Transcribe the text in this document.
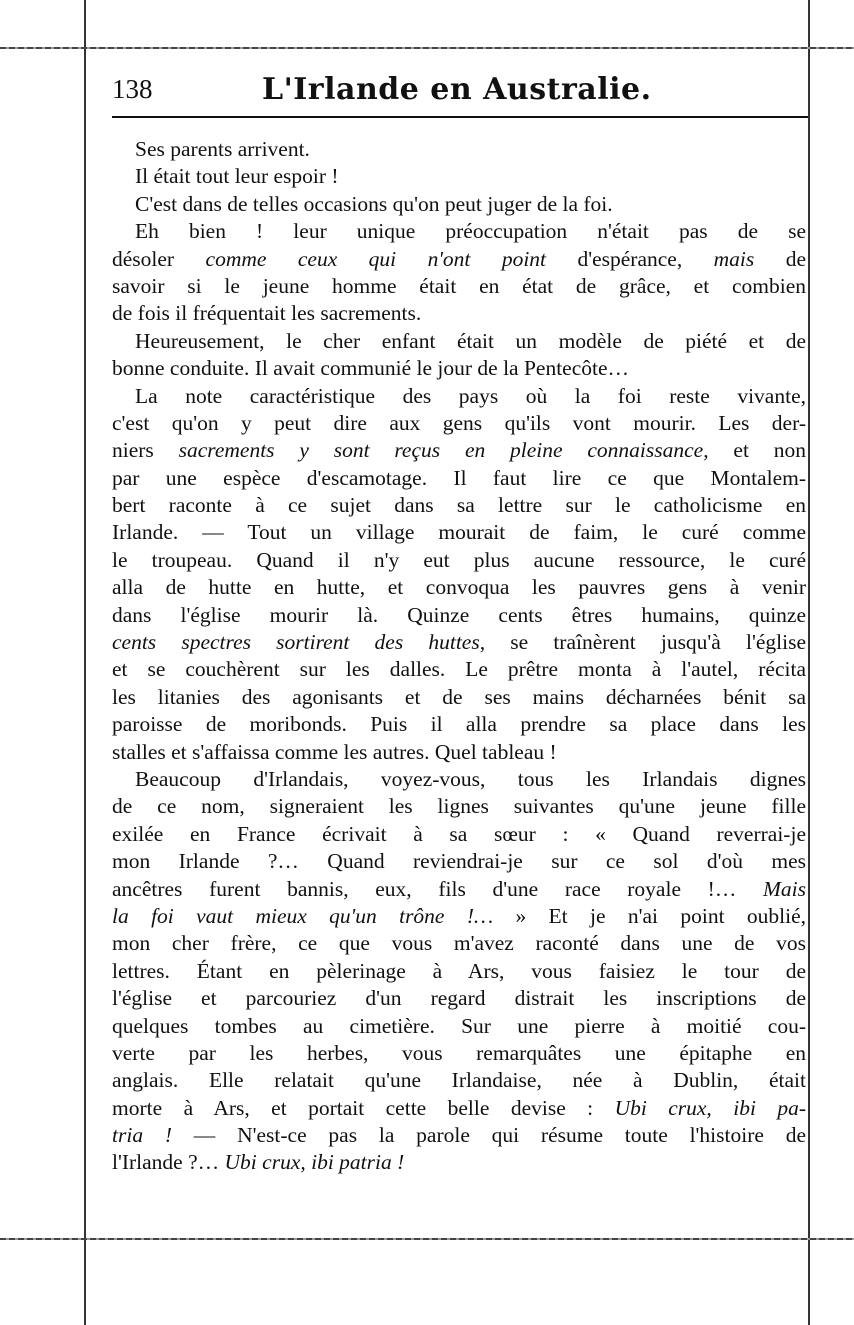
138	L'Irlande en Australie.
Ses parents arrivent.
Il était tout leur espoir !
C'est dans de telles occasions qu'on peut juger de la foi.
Eh bien ! leur unique préoccupation n'était pas de se
désoler comme ceux qui n'ont point d'espérance, mais de
savoir si le jeune homme était en état de grâce, et combien
de fois il fréquentait les sacrements.
Heureusement, le cher enfant était un modèle de piété et de
bonne conduite. Il avait communié le jour de la Pentecôte…
La note caractéristique des pays où la foi reste vivante,
c'est qu'on y peut dire aux gens qu'ils vont mourir. Les der-
niers sacrements y sont reçus en pleine connaissance, et non
par une espèce d'escamotage. Il faut lire ce que Montalem-
bert raconte à ce sujet dans sa lettre sur le catholicisme en
Irlande. — Tout un village mourait de faim, le curé comme
le troupeau. Quand il n'y eut plus aucune ressource, le curé
alla de hutte en hutte, et convoqua les pauvres gens à venir
dans l'église mourir là. Quinze cents êtres humains, quinze
cents spectres sortirent des huttes, se traînèrent jusqu'à l'église
et se couchèrent sur les dalles. Le prêtre monta à l'autel, récita
les litanies des agonisants et de ses mains décharnées bénit sa
paroisse de moribonds. Puis il alla prendre sa place dans les
stalles et s'affaissa comme les autres. Quel tableau !
Beaucoup d'Irlandais, voyez-vous, tous les Irlandais dignes
de ce nom, signeraient les lignes suivantes qu'une jeune fille
exilée en France écrivait à sa sœur : « Quand reverrai-je
mon Irlande ?… Quand reviendrai-je sur ce sol d'où mes
ancêtres furent bannis, eux, fils d'une race royale !… Mais
la foi vaut mieux qu'un trône !… » Et je n'ai point oublié,
mon cher frère, ce que vous m'avez raconté dans une de vos
lettres. Étant en pèlerinage à Ars, vous faisiez le tour de
l'église et parcouriez d'un regard distrait les inscriptions de
quelques tombes au cimetière. Sur une pierre à moitié cou-
verte par les herbes, vous remarquâtes une épitaphe en
anglais. Elle relatait qu'une Irlandaise, née à Dublin, était
morte à Ars, et portait cette belle devise : Ubi crux, ibi pa-
tria ! — N'est-ce pas la parole qui résume toute l'histoire de
l'Irlande ?… Ubi crux, ibi patria !
